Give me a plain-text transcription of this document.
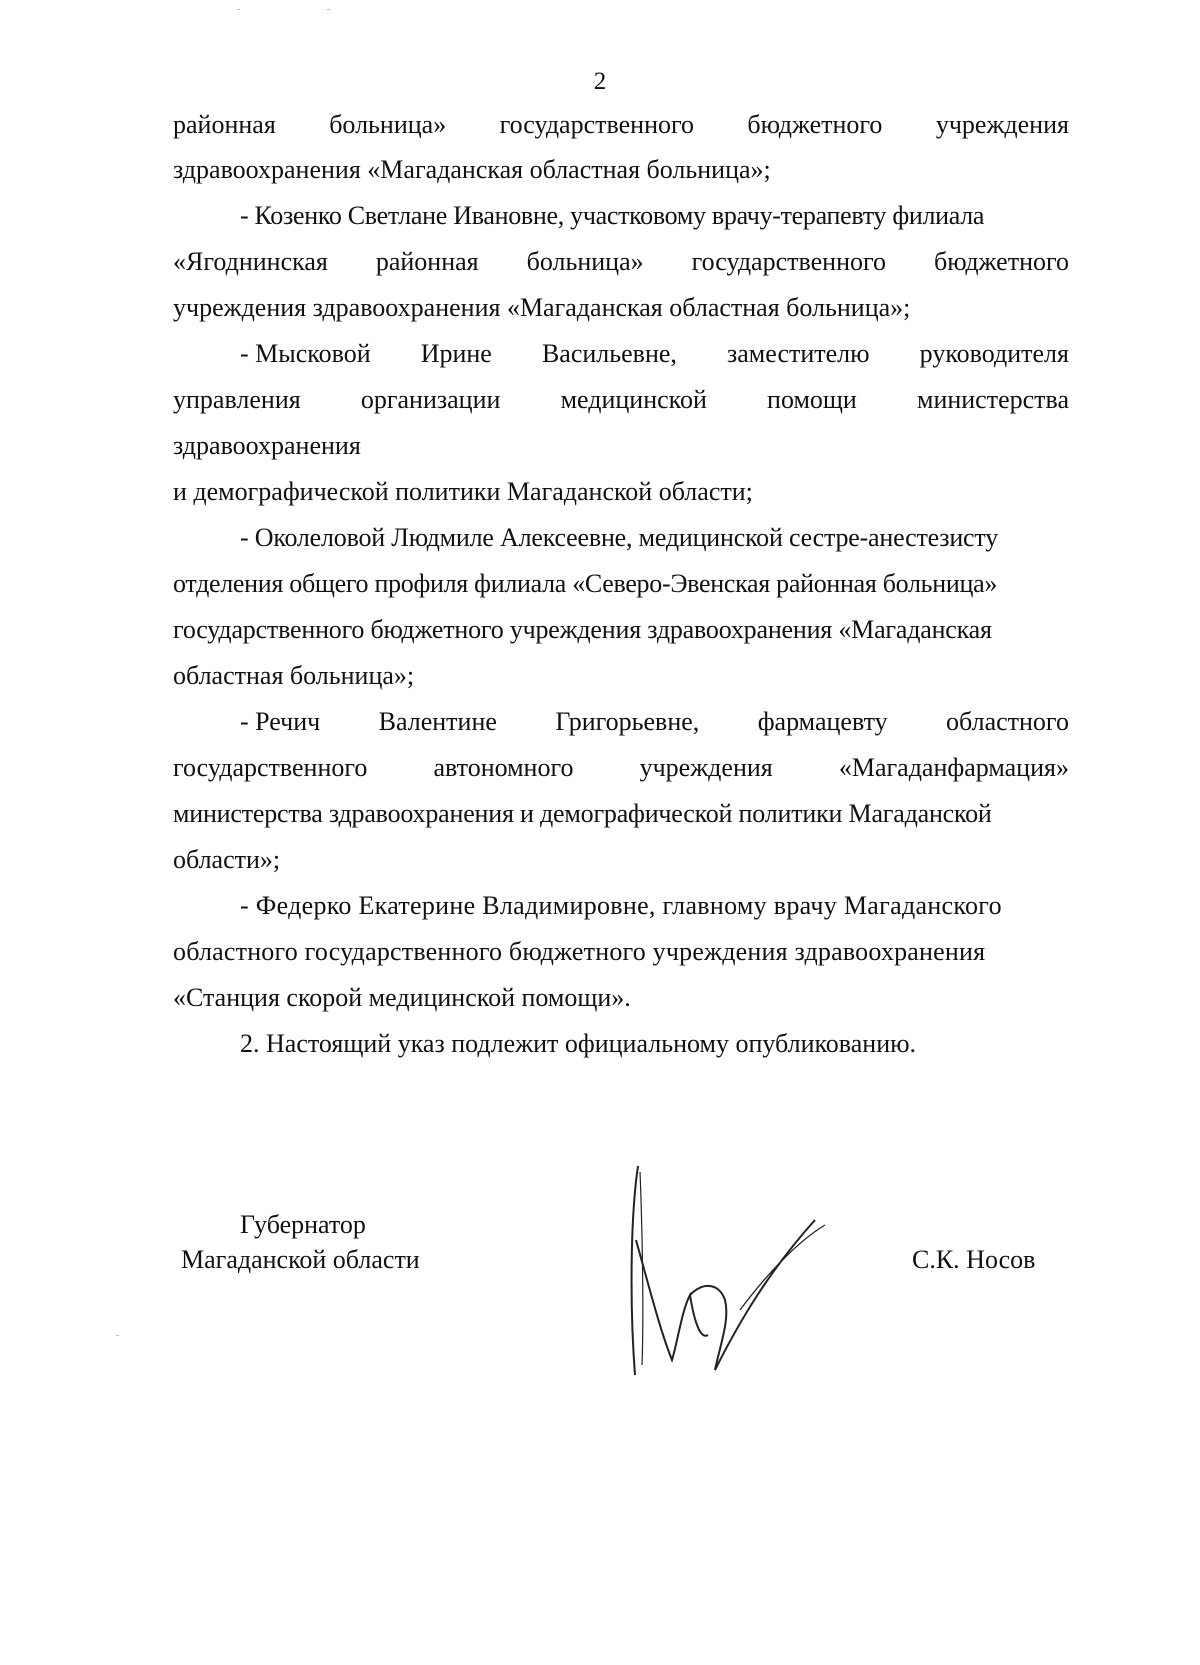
2
районная больница» государственного бюджетного учреждения
здравоохранения «Магаданская областная больница»;
- Козенко Светлане Ивановне, участковому врачу-терапевту филиала
«Ягоднинская районная больница» государственного бюджетного
учреждения здравоохранения «Магаданская областная больница»;
- Мысковой Ирине Васильевне, заместителю руководителя
управления организации медицинской помощи министерства
здравоохранения
и демографической политики Магаданской области;
- Околеловой Людмиле Алексеевне, медицинской сестре-анестезисту
отделения общего профиля филиала «Северо-Эвенская районная больница»
государственного бюджетного учреждения здравоохранения «Магаданская
областная больница»;
- Речич Валентине Григорьевне, фармацевту областного
государственного	автономного	учреждения	«Магаданфармация»
министерства здравоохранения и демографической политики Магаданской
области»;
- Федерко Екатерине Владимировне, главному врачу Магаданского
областного государственного бюджетного учреждения здравоохранения
«Станция скорой медицинской помощи».
2. Настоящий указ подлежит официальному опубликованию.
Губернатор
Магаданской области	С.К. Носов
